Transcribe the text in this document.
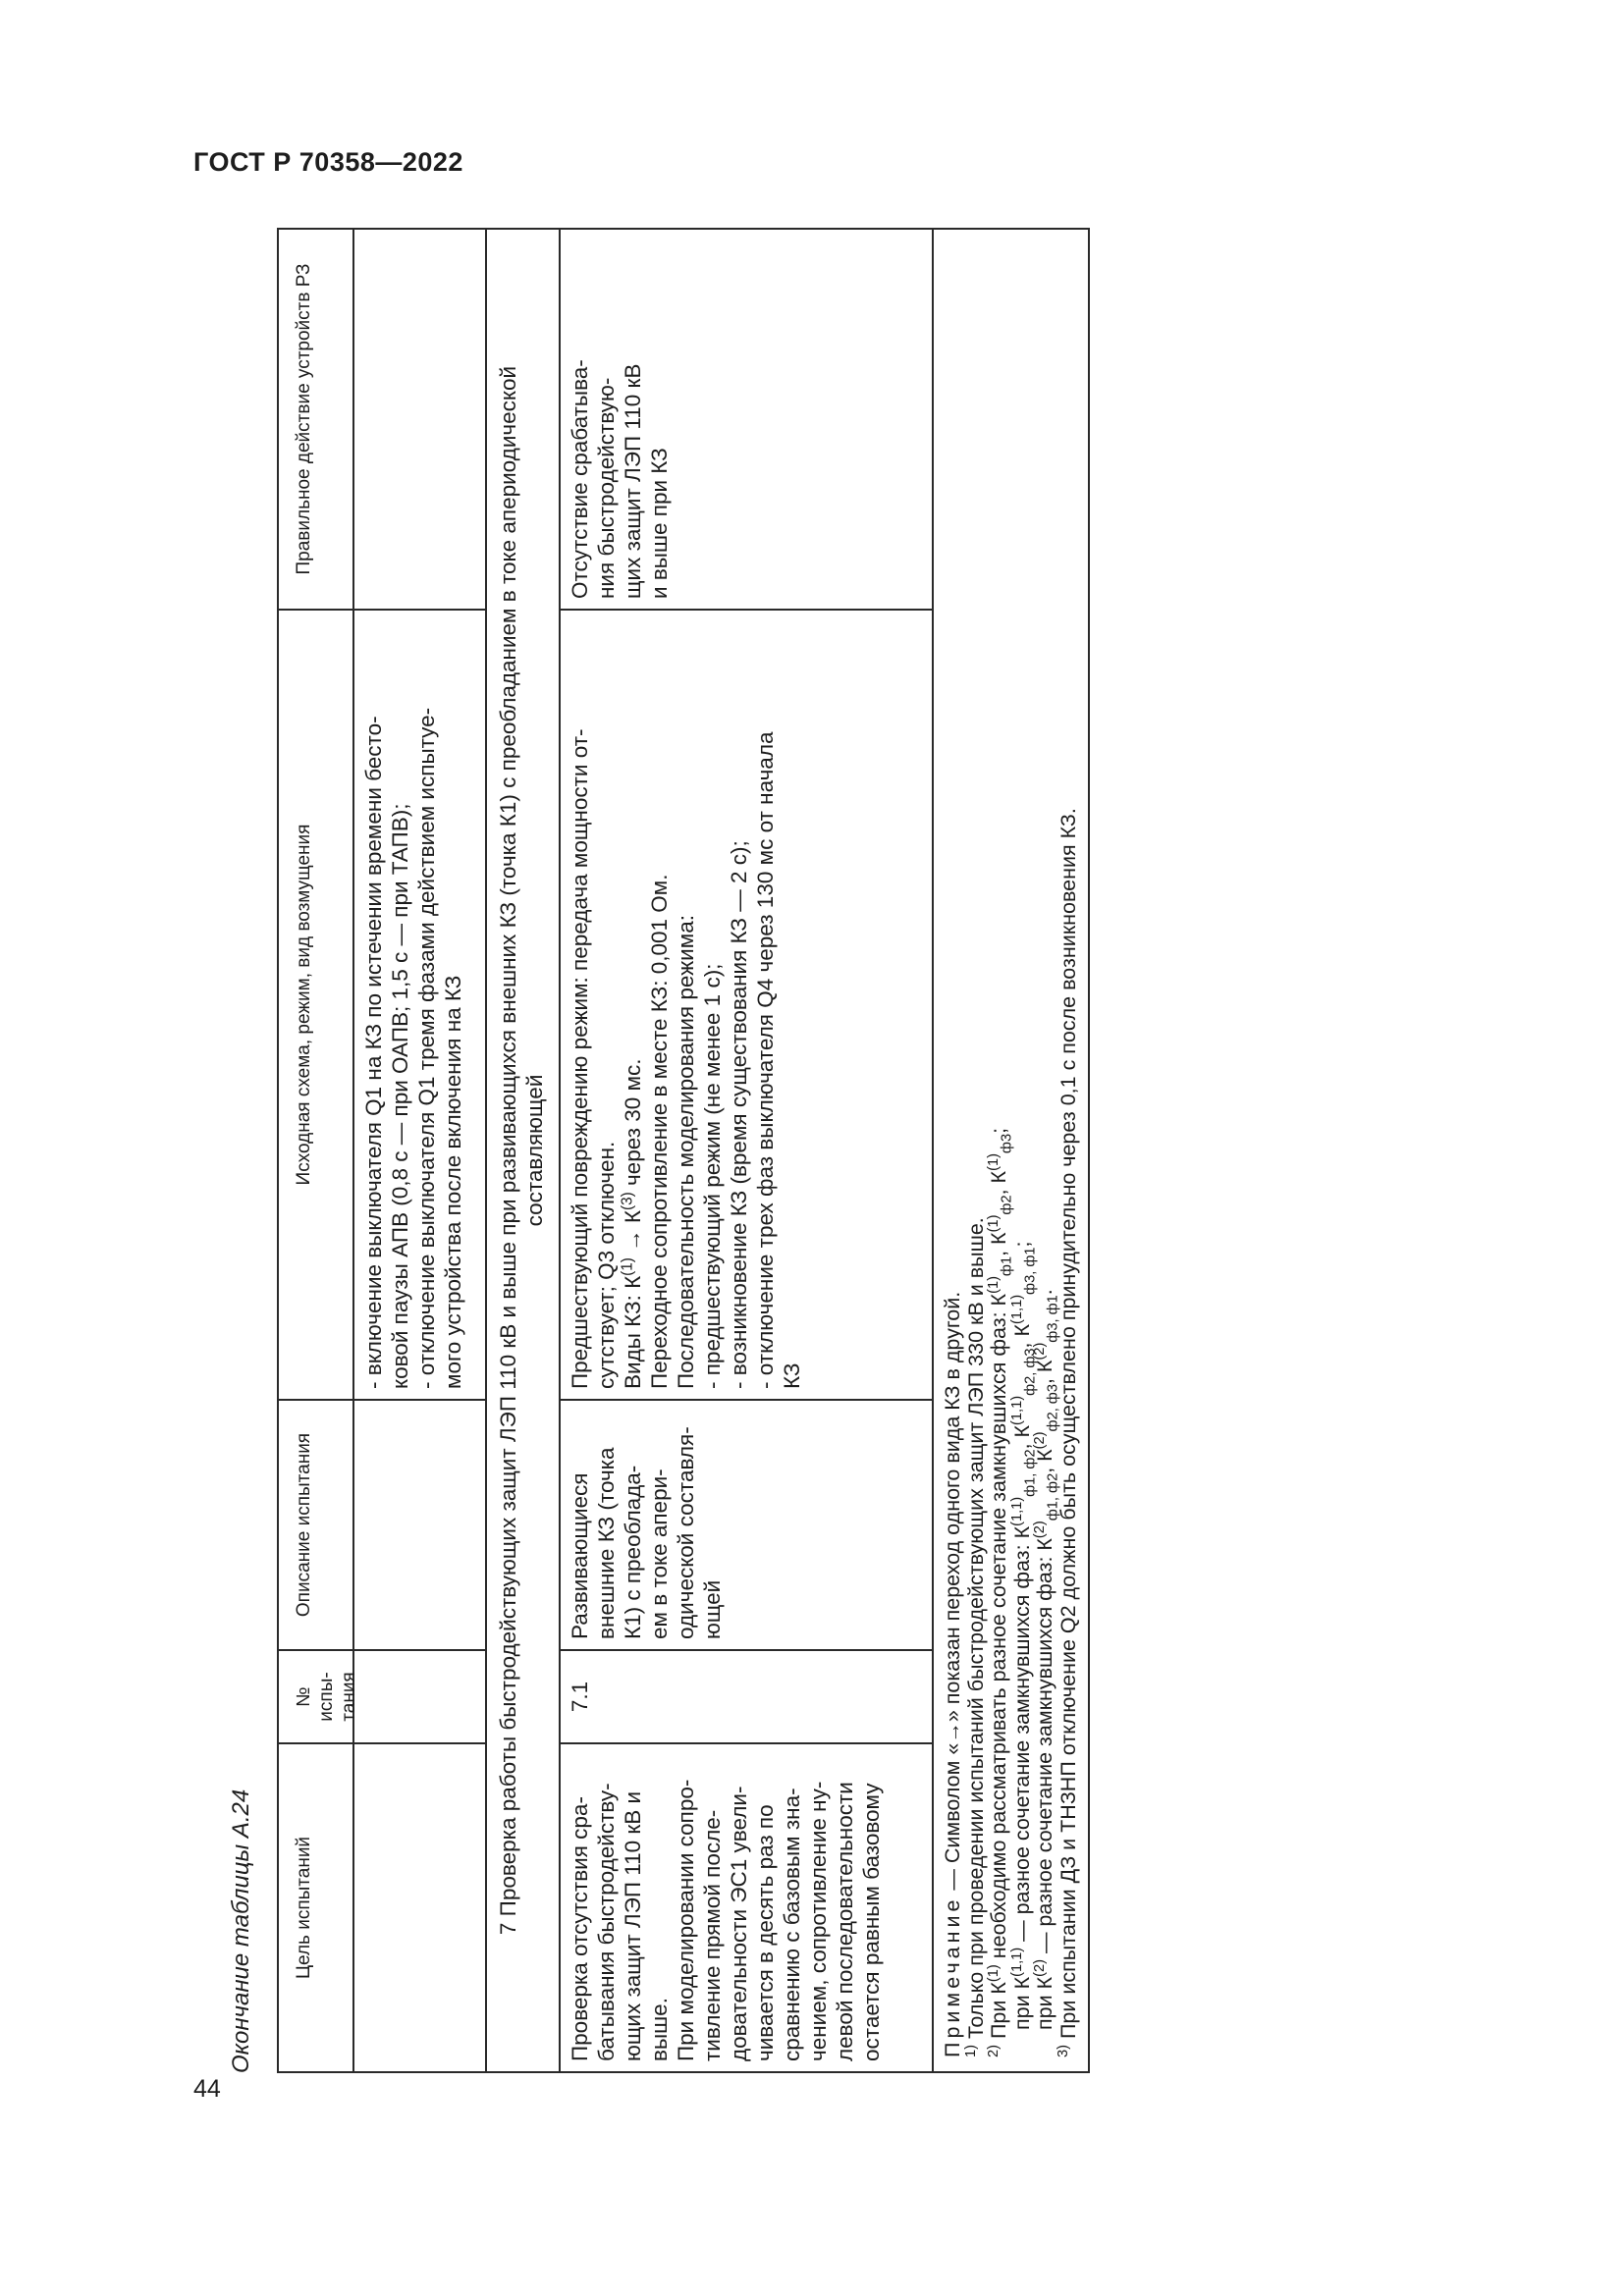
ГОСТ Р 70358—2022
Окончание таблицы А.24	Цель испытаний
№ испы-тания
Описание испытания
Исходная схема, режим, вид возмущения
Правильное действие устройств РЗ
- включение выключателя Q1 на КЗ по истечении времени бесто- ковой паузы АПВ (0,8 с — при ОАПВ; 1,5 с — при ТАПВ); - отключение выключателя Q1 тремя фазами действием испытуе- мого устройства после включения на КЗ 7 Проверка работы быстродействующих защит ЛЭП 110 кВ и выше при развивающихся внешних КЗ (точка К1) с преобладанием в токе апериодической составляющей
Проверка отсутствия сра- батывания быстродейству- ющих защит ЛЭП 110 кВ и выше. При моделировании сопро- тивление прямой после- довательности ЭС1 увели- чивается в десять раз по сравнению с базовым зна- чением, сопротивление ну- левой последовательности остается равным базовому
7.1
Развивающиеся внешние КЗ (точка К1) с преоблада- ем в токе апери- одической составля- ющей
Предшествующий повреждению режим: передача мощности от- сутствует; Q3 отключен. Виды КЗ: $К^{(1)} \to К^{(3)}$ через 30 мс. Переходное сопротивление в месте КЗ: 0,001 Ом. Последовательность моделирования режима: - предшествующий режим (не менее 1 с); - возникновение КЗ (время существования КЗ — 2 с); - отключение трех фаз выключателя Q4 через 130 мс от начала КЗ
Отсутствие срабатыва- ния быстродействую- щих защит ЛЭП 110 кВ и выше при КЗ
Примечание — Символом «→» показан переход одного вида КЗ в другой.
$^{1)}$ Только при проведении испытаний быстродействующих защит ЛЭП 330 кВ и выше.
$^{2)}$ При $К^{(1)}$ необходимо рассматривать разное сочетание замкнувшихся фаз: $К^{(1)}_{ф1}$, $К^{(1)}_{ф2}$, $К^{(1)}_{ф3}$;
при К$^{(1,1)}$ — разное сочетание замкнувшихся фаз: К$^{(1,1)}_{ф1, ф2}$, К$^{(1,1)}_{ф2, ф3}$, К$^{(1,1)}_{ф3, ф1}$;
при $К^{(2)}$ — разное сочетание замкнувшихся фаз: $К^{(2)}_{ф1, ф2}$, $К^{(2)}_{ф2, ф3}$, $К^{(2)}_{ф3, ф1}$.
$^{3)}$ При испытании ДЗ и ТНЗНП отключение Q2 должно быть осуществлено принудительно через 0,1 с после возникновения КЗ.
44
